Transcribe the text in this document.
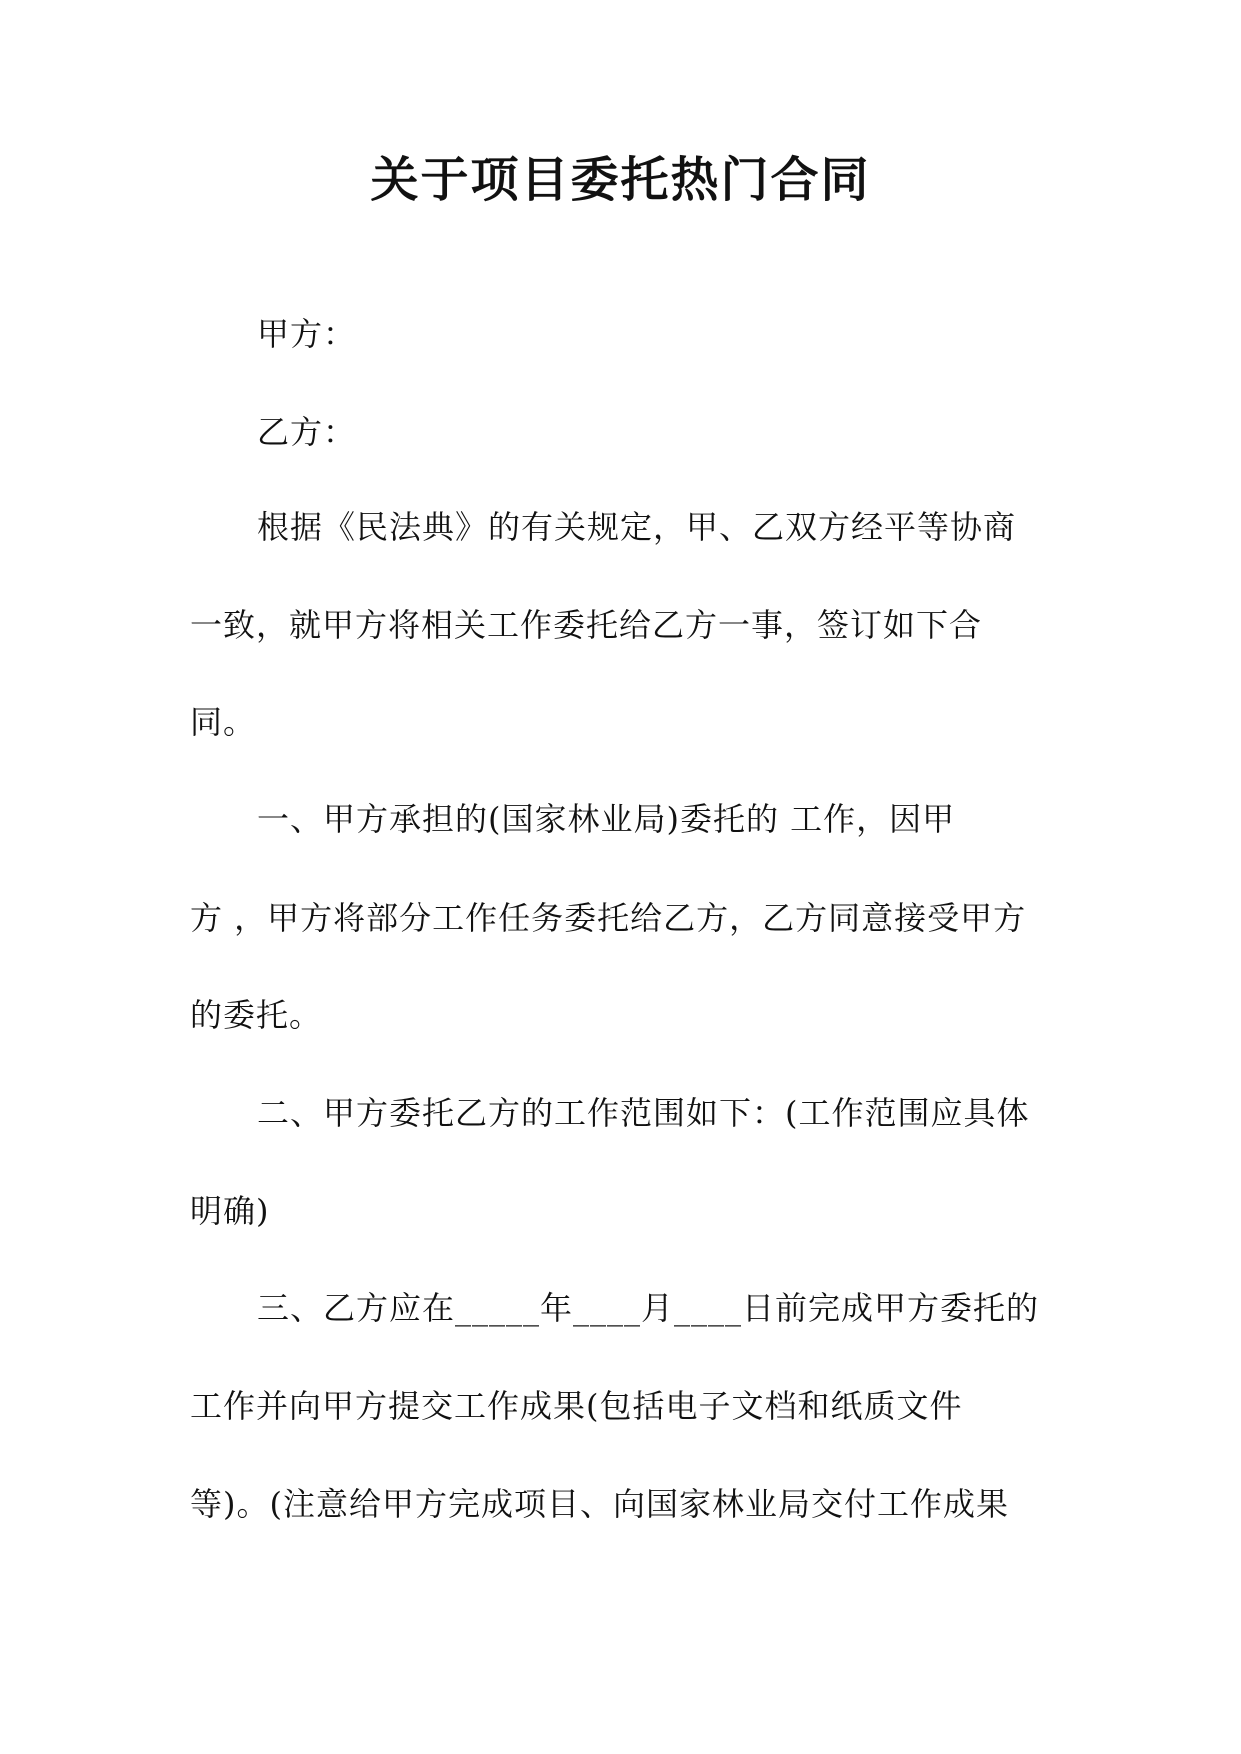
关于项目委托热门合同
甲方：
乙方：
根据《民法典》的有关规定，甲、乙双方经平等协商
一致，就甲方将相关工作委托给乙方一事，签订如下合
同。
一、甲方承担的(国家林业局)委托的 工作，因甲
方 ，甲方将部分工作任务委托给乙方，乙方同意接受甲方
的委托。
二、甲方委托乙方的工作范围如下：(工作范围应具体
明确)
三、乙方应在_____年____月____日前完成甲方委托的
工作并向甲方提交工作成果(包括电子文档和纸质文件
等)。(注意给甲方完成项目、向国家林业局交付工作成果
